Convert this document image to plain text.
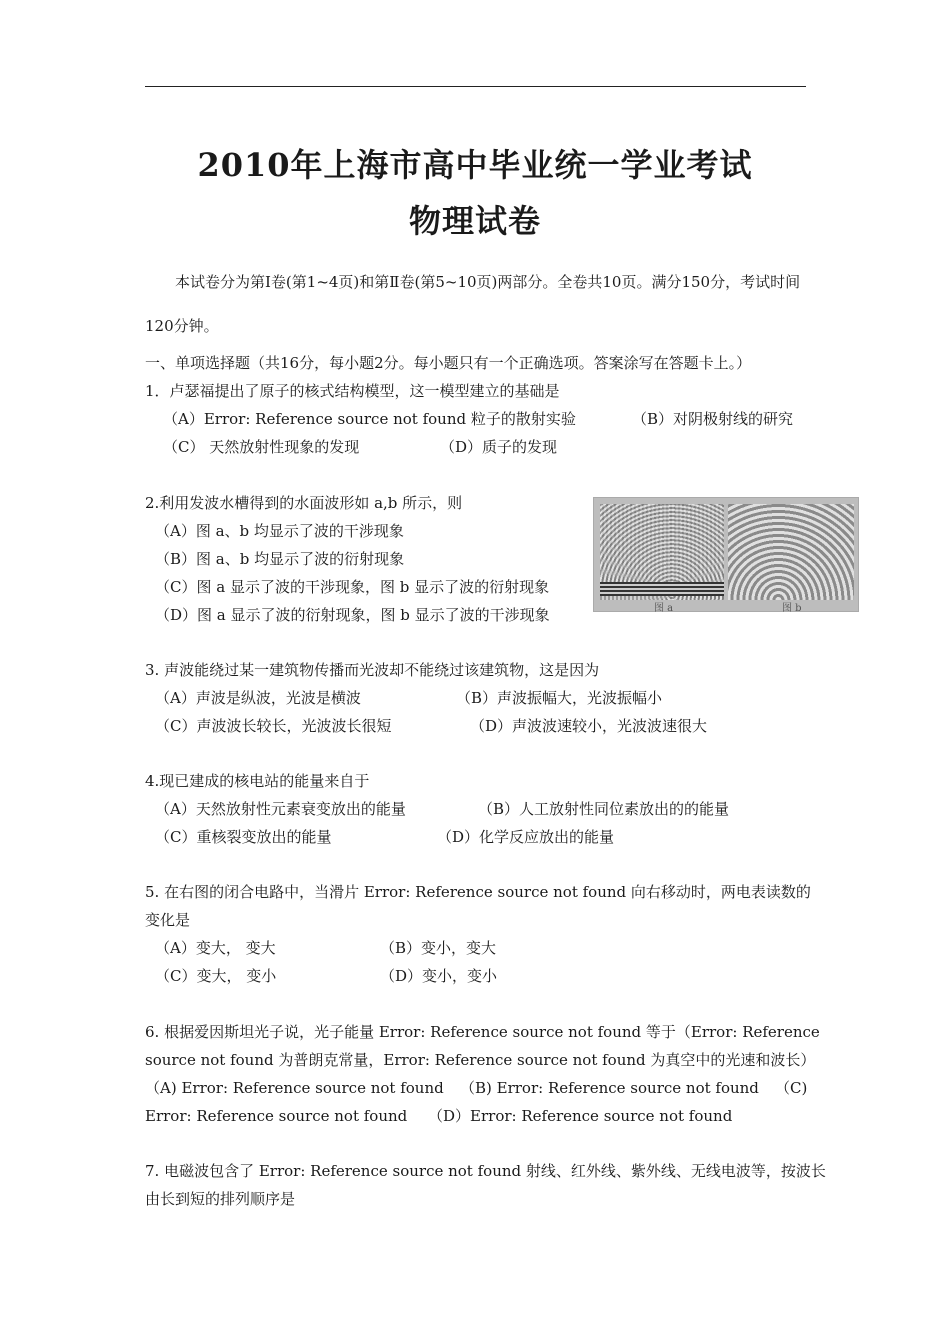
2010年上海市高中毕业统一学业考试
物理试卷
本试卷分为第Ⅰ卷(第1~4页)和第Ⅱ卷(第5~10页)两部分。全卷共10页。满分150分，考试时间
120分钟。
一、单项选择题（共16分，每小题2分。每小题只有一个正确选项。答案涂写在答题卡上。）
1．卢瑟福提出了原子的核式结构模型，这一模型建立的基础是
（A）Error: Reference source not found 粒子的散射实验	（B）对阴极射线的研究
（C） 天然放射性现象的发现	（D）质子的发现
2.利用发波水槽得到的水面波形如 a,b 所示，则
（A）图 a、b 均显示了波的干涉现象
（B）图 a、b 均显示了波的衍射现象
（C）图 a 显示了波的干涉现象，图 b 显示了波的衍射现象
（D）图 a 显示了波的衍射现象，图 b 显示了波的干涉现象	图 a	图 b
3. 声波能绕过某一建筑物传播而光波却不能绕过该建筑物，这是因为
（A）声波是纵波，光波是横波	（B）声波振幅大，光波振幅小
（C）声波波长较长，光波波长很短	（D）声波波速较小，光波波速很大
4.现已建成的核电站的能量来自于
（A）天然放射性元素衰变放出的能量	（B）人工放射性同位素放出的的能量
（C）重核裂变放出的能量	（D）化学反应放出的能量
5. 在右图的闭合电路中，当滑片 Error: Reference source not found 向右移动时，两电表读数的
变化是
（A）变大， 变大	（B）变小，变大
（C）变大， 变小	（D）变小，变小
6. 根据爱因斯坦光子说，光子能量 Error: Reference source not found 等于（Error: Reference
source not found 为普朗克常量，Error: Reference source not found 为真空中的光速和波长）
（A) Error: Reference source not found （B) Error: Reference source not found （C)
Error: Reference source not found （D）Error: Reference source not found
7. 电磁波包含了 Error: Reference source not found 射线、红外线、紫外线、无线电波等，按波长
由长到短的排列顺序是
